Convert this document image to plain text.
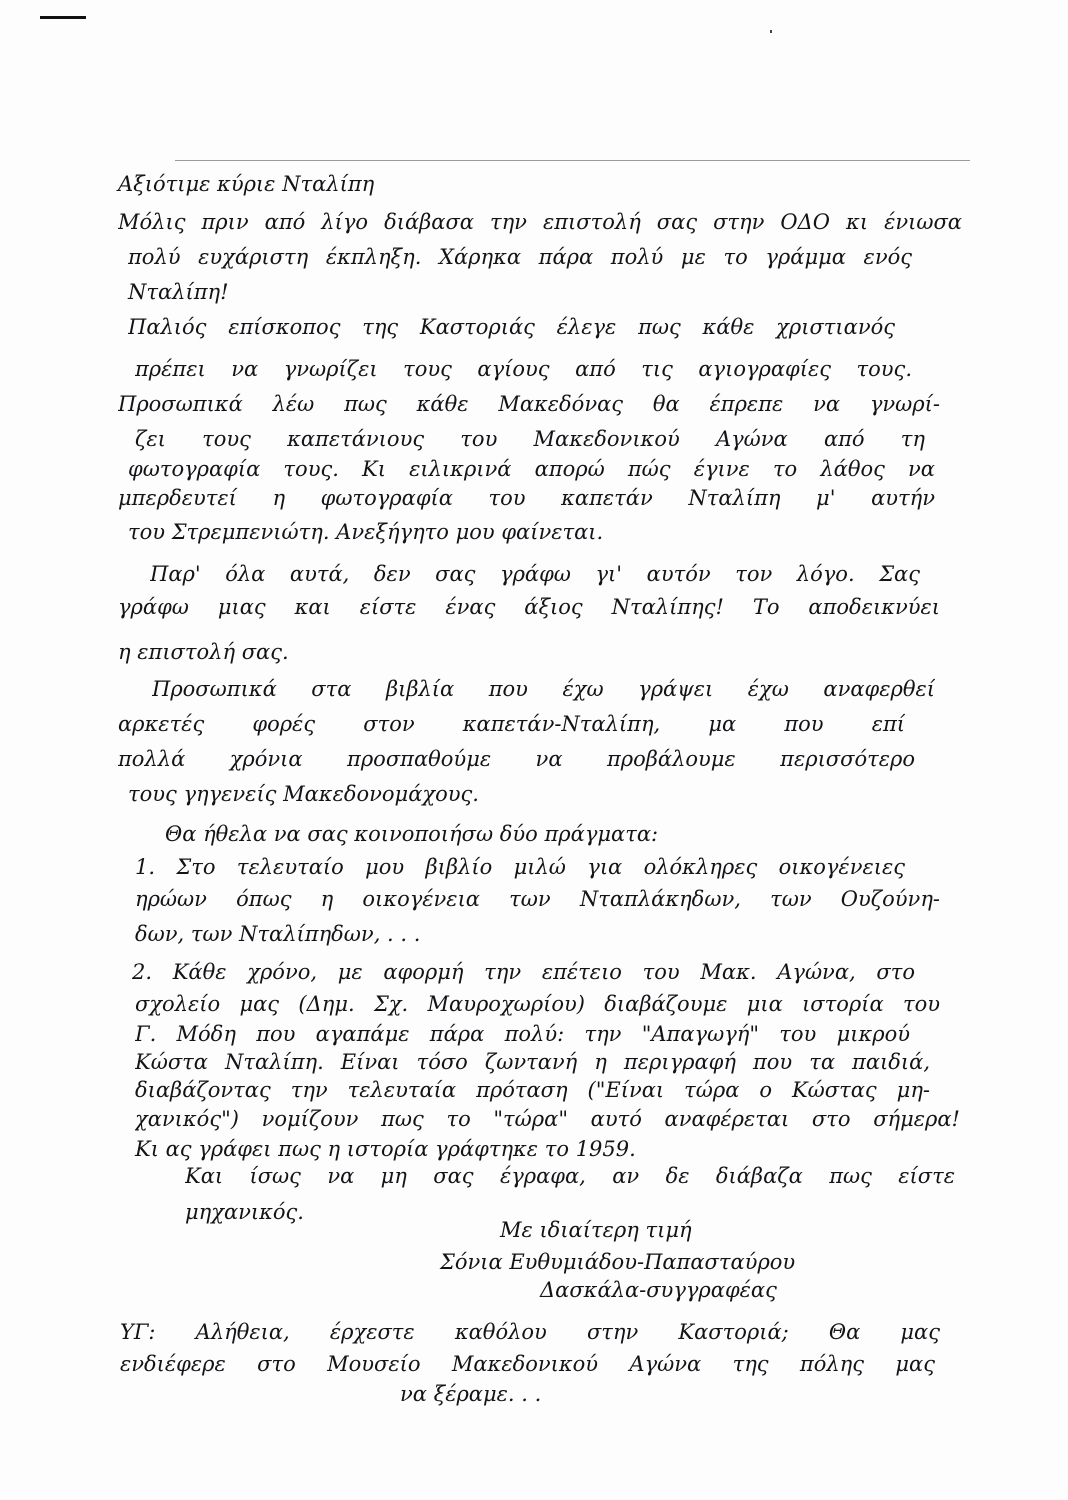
Αξιότιμε κύριε Νταλίπη
Μόλις πριν από λίγο διάβασα την επιστολή σας στην ΟΔΟ κι ένιωσα
πολύ ευχάριστη έκπληξη. Χάρηκα πάρα πολύ με το γράμμα ενός
Νταλίπη!
Παλιός επίσκοπος της Καστοριάς έλεγε πως κάθε χριστιανός
πρέπει να γνωρίζει τους αγίους από τις αγιογραφίες τους.
Προσωπικά λέω πως κάθε Μακεδόνας θα έπρεπε να γνωρί-
ζει τους καπετάνιους του Μακεδονικού Αγώνα από τη
φωτογραφία τους. Κι ειλικρινά απορώ πώς έγινε το λάθος να
μπερδευτεί η φωτογραφία του καπετάν Νταλίπη μ' αυτήν
του Στρεμπενιώτη. Ανεξήγητο μου φαίνεται.
Παρ' όλα αυτά, δεν σας γράφω γι' αυτόν τον λόγο. Σας
γράφω μιας και είστε ένας άξιος Νταλίπης! Το αποδεικνύει
η επιστολή σας.
Προσωπικά στα βιβλία που έχω γράψει έχω αναφερθεί
αρκετές φορές στον καπετάν-Νταλίπη, μα που επί
πολλά χρόνια προσπαθούμε να προβάλουμε περισσότερο
τους γηγενείς Μακεδονομάχους.
Θα ήθελα να σας κοινοποιήσω δύο πράγματα:
1. Στο τελευταίο μου βιβλίο μιλώ για ολόκληρες οικογένειες
ηρώων όπως η οικογένεια των Νταπλάκηδων, των Ουζούνη-
δων, των Νταλίπηδων, . . .
2. Κάθε χρόνο, με αφορμή την επέτειο του Μακ. Αγώνα, στο
σχολείο μας (Δημ. Σχ. Μαυροχωρίου) διαβάζουμε μια ιστορία του
Γ. Μόδη που αγαπάμε πάρα πολύ: την "Απαγωγή" του μικρού
Κώστα Νταλίπη. Είναι τόσο ζωντανή η περιγραφή που τα παιδιά,
διαβάζοντας την τελευταία πρόταση ("Είναι τώρα ο Κώστας μη-
χανικός") νομίζουν πως το "τώρα" αυτό αναφέρεται στο σήμερα!
Κι ας γράφει πως η ιστορία γράφτηκε το 1959.
Και ίσως να μη σας έγραφα, αν δε διάβαζα πως είστε
μηχανικός.
Με ιδιαίτερη τιμή
Σόνια Ευθυμιάδου-Παπασταύρου
Δασκάλα-συγγραφέας
ΥΓ: Αλήθεια, έρχεστε καθόλου στην Καστοριά; Θα μας
ενδιέφερε στο Μουσείο Μακεδονικού Αγώνα της πόλης μας
να ξέραμε. . .
